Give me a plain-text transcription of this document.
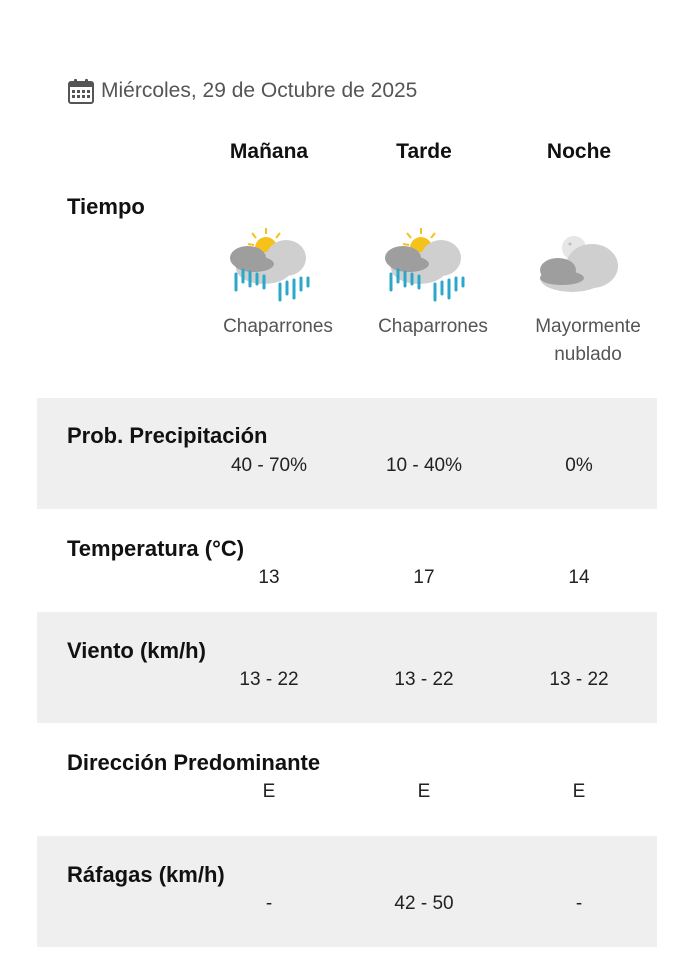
Miércoles, 29 de Octubre de 2025
Mañana	Tarde	Noche
Tiempo
Chaparrones	Chaparrones	Mayormente nublado
Prob. Precipitación
40 - 70%	10 - 40%	0%
Temperatura (°C)
13	17	14
Viento (km/h)
13 - 22	13 - 22	13 - 22
Dirección Predominante
E	E	E
Ráfagas (km/h)
-	42 - 50	-
